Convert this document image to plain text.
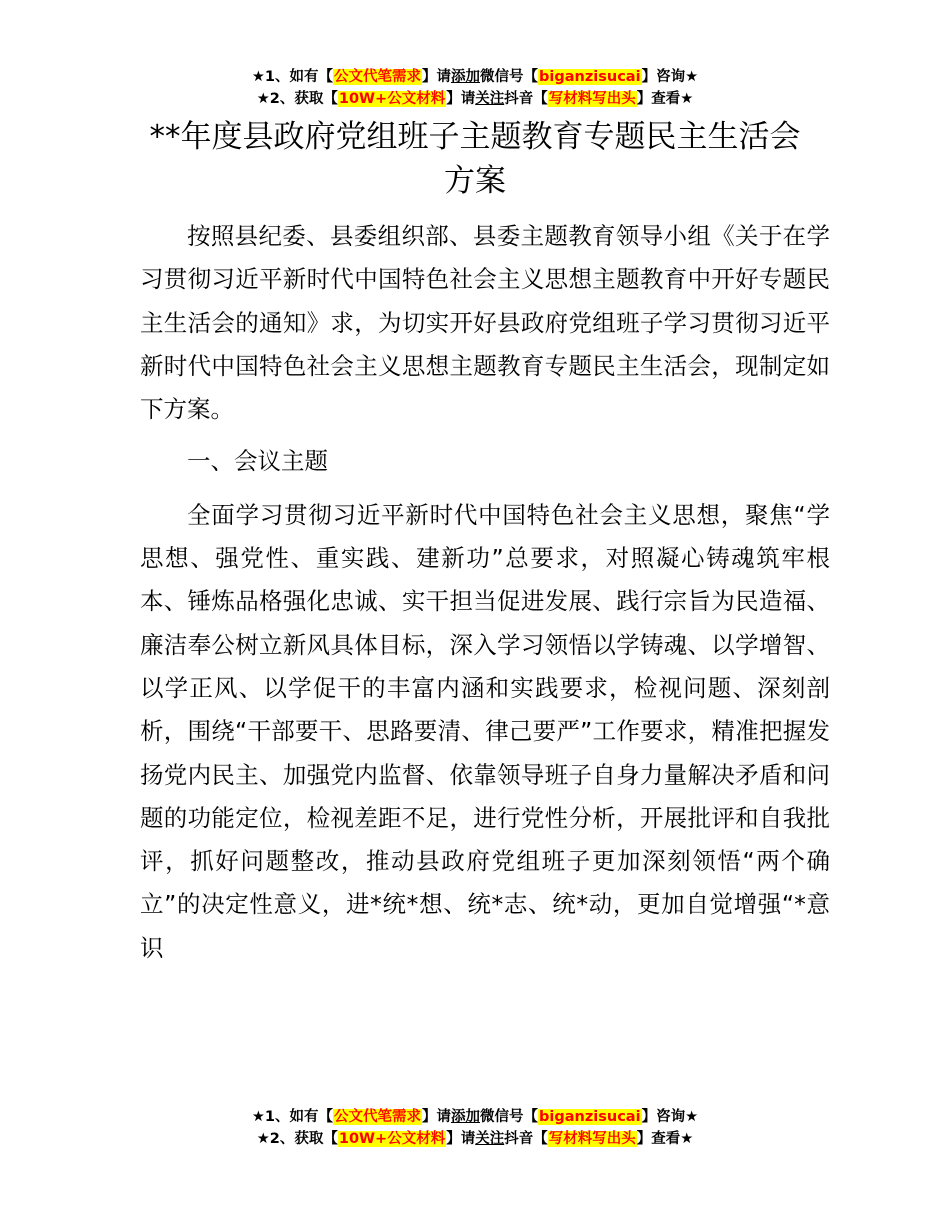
★1、如有【公文代笔需求】请添加微信号【biganzisucai】咨询★
★2、获取【10W+公文材料】请关注抖音【写材料写出头】查看★
**年度县政府党组班子主题教育专题民主生活会方案

按照县纪委、县委组织部、县委主题教育领导小组《关于在学习贯彻习近平新时代中国特色社会主义思想主题教育中开好专题民主生活会的通知》求，为切实开好县政府党组班子学习贯彻习近平新时代中国特色社会主义思想主题教育专题民主生活会，现制定如下方案。

一、会议主题

全面学习贯彻习近平新时代中国特色社会主义思想，聚焦“学思想、强党性、重实践、建新功”总要求，对照凝心铸魂筑牢根本、锤炼品格强化忠诚、实干担当促进发展、践行宗旨为民造福、廉洁奉公树立新风具体目标，深入学习领悟以学铸魂、以学增智、以学正风、以学促干的丰富内涵和实践要求，检视问题、深刻剖析，围绕“干部要干、思路要清、律己要严”工作要求，精准把握发扬党内民主、加强党内监督、依靠领导班子自身力量解决矛盾和问题的功能定位，检视差距不足，进行党性分析，开展批评和自我批评，抓好问题整改，推动县政府党组班子更加深刻领悟“两个确立”的决定性意义，进*统*想、统*志、统*动，更加自觉增强“*意识

★1、如有【公文代笔需求】请添加微信号【biganzisucai】咨询★
★2、获取【10W+公文材料】请关注抖音【写材料写出头】查看★
